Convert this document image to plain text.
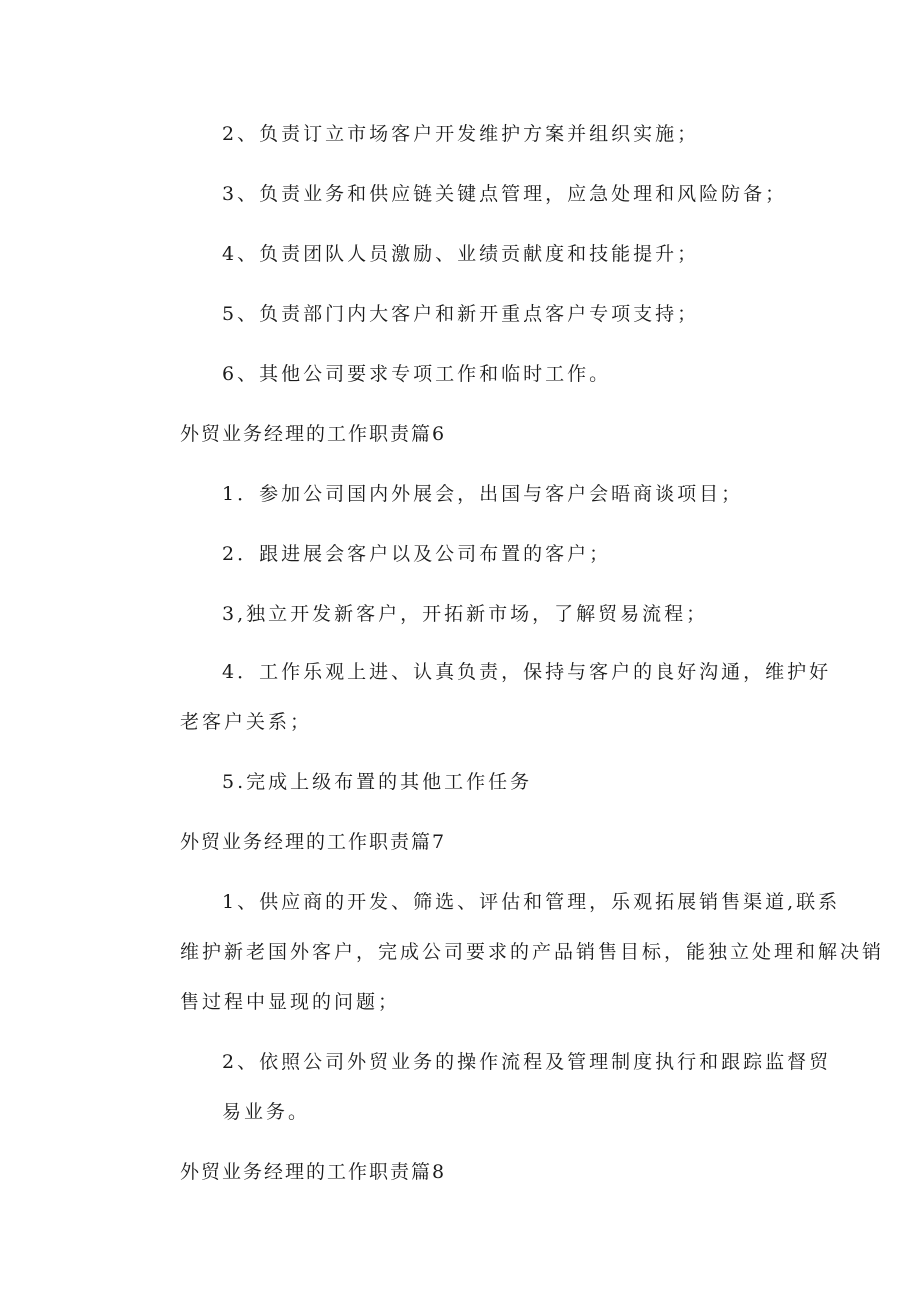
2、负责订立市场客户开发维护方案并组织实施；
3、负责业务和供应链关键点管理，应急处理和风险防备；
4、负责团队人员激励、业绩贡献度和技能提升；
5、负责部门内大客户和新开重点客户专项支持；
6、其他公司要求专项工作和临时工作。
外贸业务经理的工作职责篇6
1．参加公司国内外展会，出国与客户会晤商谈项目；
2．跟进展会客户以及公司布置的客户；
3,独立开发新客户，开拓新市场，了解贸易流程；
4．工作乐观上进、认真负责，保持与客户的良好沟通，维护好
老客户关系；
5.完成上级布置的其他工作任务
外贸业务经理的工作职责篇7
1、供应商的开发、筛选、评估和管理，乐观拓展销售渠道,联系
维护新老国外客户，完成公司要求的产品销售目标，能独立处理和解决销
售过程中显现的问题；
2、依照公司外贸业务的操作流程及管理制度执行和跟踪监督贸
易业务。
外贸业务经理的工作职责篇8
